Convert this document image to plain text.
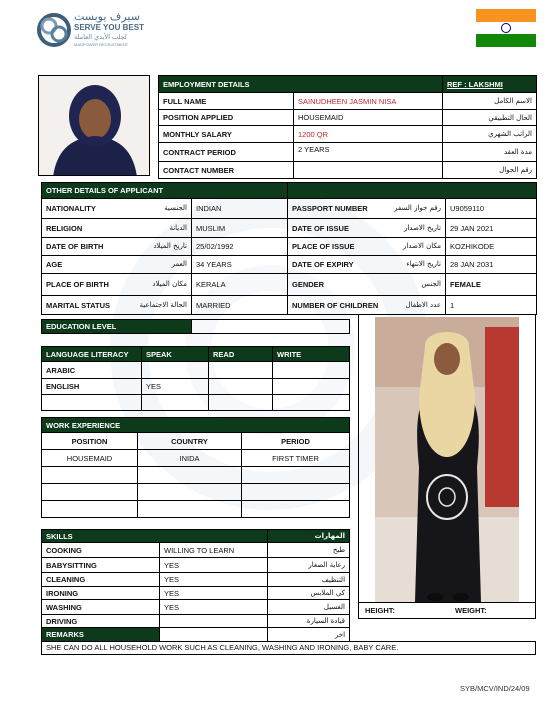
سيرف يوبست
SERVE YOU BEST
لجلب الأيدي العاملة
MANPOWER RECRUITMENT
EMPLOYMENT DETAILS		REF : LAKSHMI
FULL NAME	SAINUDHEEN JASMIN NISA	الاسم الكامل
POSITION APPLIED	HOUSEMAID	الحال التطبيقي
MONTHLY SALARY	1200 QR	الراتب الشهري
CONTRACT PERIOD	2 YEARS	مدة العقد
CONTACT NUMBER		رقم الجوال
OTHER DETAILS OF APPLICANT			
NATIONALITY الجنسية	INDIAN	PASSPORT NUMBER رقم جواز السفر	U9059110
RELIGION الديانة	MUSLIM	DATE OF ISSUE تاريخ الاصدار	29 JAN 2021
DATE OF BIRTH تاريخ الميلاد	25/02/1992	PLACE OF ISSUE مكان الاصدار	KOZHIKODE
AGE العمر	34 YEARS	DATE OF EXPIRY تاريخ الانتهاء	28 JAN 2031
PLACE OF BIRTH مكان الميلاد	KERALA	GENDER الجنس	FEMALE
MARITAL STATUS الحالة الاجتماعية	MARRIED	NUMBER OF CHILDREN عدد الاطفال	1
EDUCATION LEVEL	
LANGUAGE LITERACY	SPEAK	READ	WRITE
ARABIC			
ENGLISH	YES		

WORK EXPERIENCE		
POSITION	COUNTRY	PERIOD
HOUSEMAID	INIDA	FIRST TIMER

HEIGHT:	WEIGHT:
SKILLS		المهارات
COOKING	WILLING TO LEARN	طبخ
BABYSITTING	YES	رعاية الصغار
CLEANING	YES	التنظيف
IRONING	YES	كي الملابس
WASHING	YES	الغسيل
DRIVING		قيادة السيارة
REMARKS		اخر
SHE CAN DO ALL HOUSEHOLD WORK SUCH AS CLEANING, WASHING AND IRONING, BABY CARE.
SYB/MCV/IND/24/09
